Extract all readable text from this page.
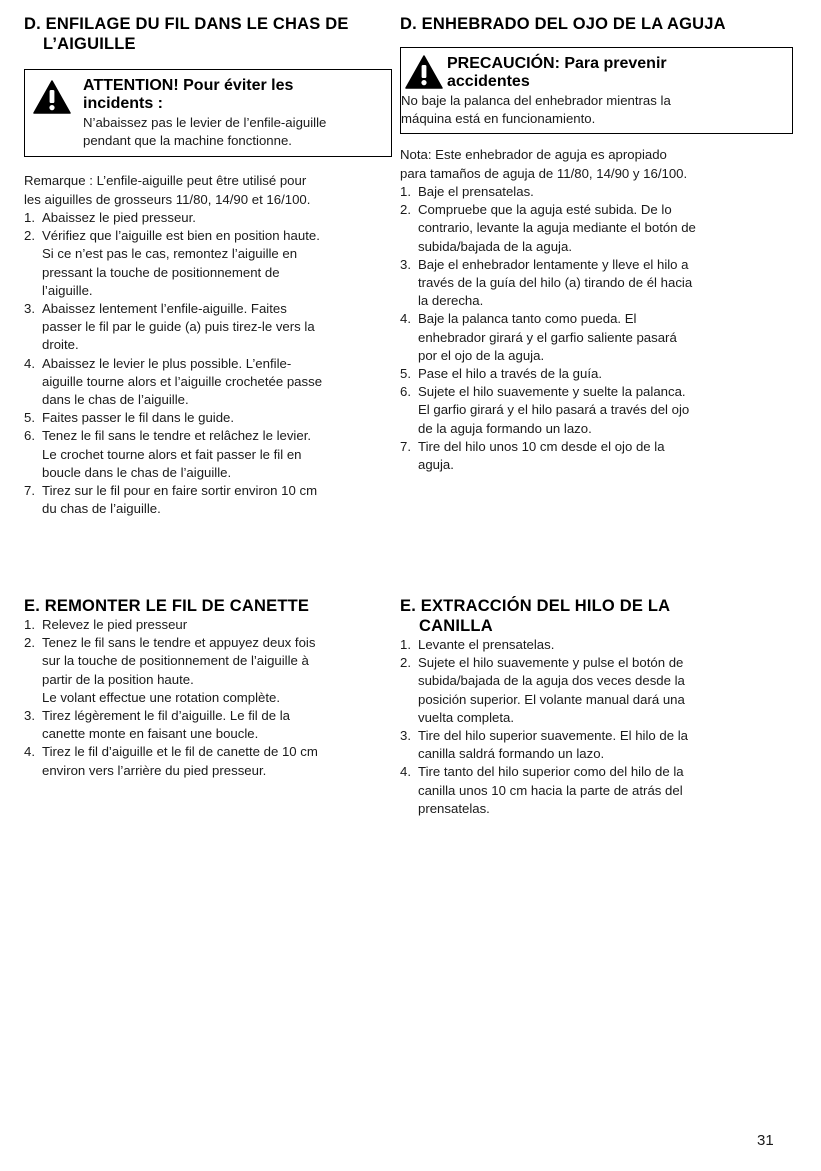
D. ENFILAGE DU FIL DANS LE CHAS DE
L’AIGUILLE
ATTENTION! Pour éviter les
incidents :
N’abaissez pas le levier de l’enfile-aiguille
pendant que la machine fonctionne.
Remarque : L’enfile-aiguille peut être utilisé pour
les aiguilles de grosseurs 11/80, 14/90 et 16/100.
1. Abaissez le pied presseur.
2. Vérifiez que l’aiguille est bien en position haute.
Si ce n’est pas le cas, remontez l’aiguille en
pressant la touche de positionnement de
l’aiguille.
3. Abaissez lentement l’enfile-aiguille. Faites
passer le fil par le guide (a) puis tirez-le vers la
droite.
4. Abaissez le levier le plus possible. L’enfile-
aiguille tourne alors et l’aiguille crochetée passe
dans le chas de l’aiguille.
5. Faites passer le fil dans le guide.
6. Tenez le fil sans le tendre et relâchez le levier.
Le crochet tourne alors et fait passer le fil en
boucle dans le chas de l’aiguille.
7. Tirez sur le fil pour en faire sortir environ 10 cm
du chas de l’aiguille.
D. ENHEBRADO DEL OJO DE LA AGUJA
PRECAUCIÓN: Para prevenir
accidentes
No baje la palanca del enhebrador mientras la
máquina está en funcionamiento.
Nota: Este enhebrador de aguja es apropiado
para tamaños de aguja de 11/80, 14/90 y 16/100.
1. Baje el prensatelas.
2. Compruebe que la aguja esté subida. De lo
contrario, levante la aguja mediante el botón de
subida/bajada de la aguja.
3. Baje el enhebrador lentamente y lleve el hilo a
través de la guía del hilo (a) tirando de él hacia
la derecha.
4. Baje la palanca tanto como pueda. El
enhebrador girará y el garfio saliente pasará
por el ojo de la aguja.
5. Pase el hilo a través de la guía.
6. Sujete el hilo suavemente y suelte la palanca.
El garfio girará y el hilo pasará a través del ojo
de la aguja formando un lazo.
7. Tire del hilo unos 10 cm desde el ojo de la
aguja.
E. REMONTER LE FIL DE CANETTE
1. Relevez le pied presseur
2. Tenez le fil sans le tendre et appuyez deux fois
sur la touche de positionnement de l’aiguille à
partir de la position haute.
Le volant effectue une rotation complète.
3. Tirez légèrement le fil d’aiguille. Le fil de la
canette monte en faisant une boucle.
4. Tirez le fil d’aiguille et le fil de canette de 10 cm
environ vers l’arrière du pied presseur.
E. EXTRACCIÓN DEL HILO DE LA
CANILLA
1. Levante el prensatelas.
2. Sujete el hilo suavemente y pulse el botón de
subida/bajada de la aguja dos veces desde la
posición superior. El volante manual dará una
vuelta completa.
3. Tire del hilo superior suavemente. El hilo de la
canilla saldrá formando un lazo.
4. Tire tanto del hilo superior como del hilo de la
canilla unos 10 cm hacia la parte de atrás del
prensatelas.
31
